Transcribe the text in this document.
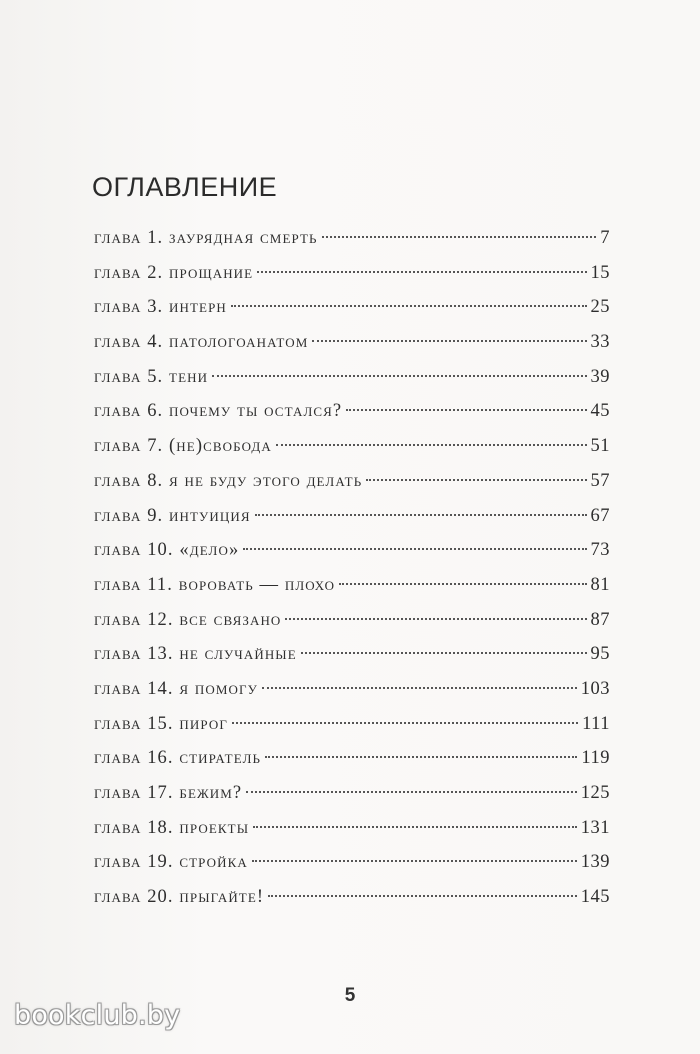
ОГЛАВЛЕНИЕ
глава 1. заурядная смерть	7
глава 2. прощание	15
глава 3. интерн	25
глава 4. патологоанатом	33
глава 5. тени	39
глава 6. почему ты остался?	45
глава 7. (не)свобода	51
глава 8. я не буду этого делать	57
глава 9. интуиция	67
глава 10. «дело»	73
глава 11. воровать — плохо	81
глава 12. все связано	87
глава 13. не случайные	95
глава 14. я помогу	103
глава 15. пирог	111
глава 16. стиратель	119
глава 17. бежим?	125
глава 18. проекты	131
глава 19. стройка	139
глава 20. прыгайте!	145
5
bookclub.by
